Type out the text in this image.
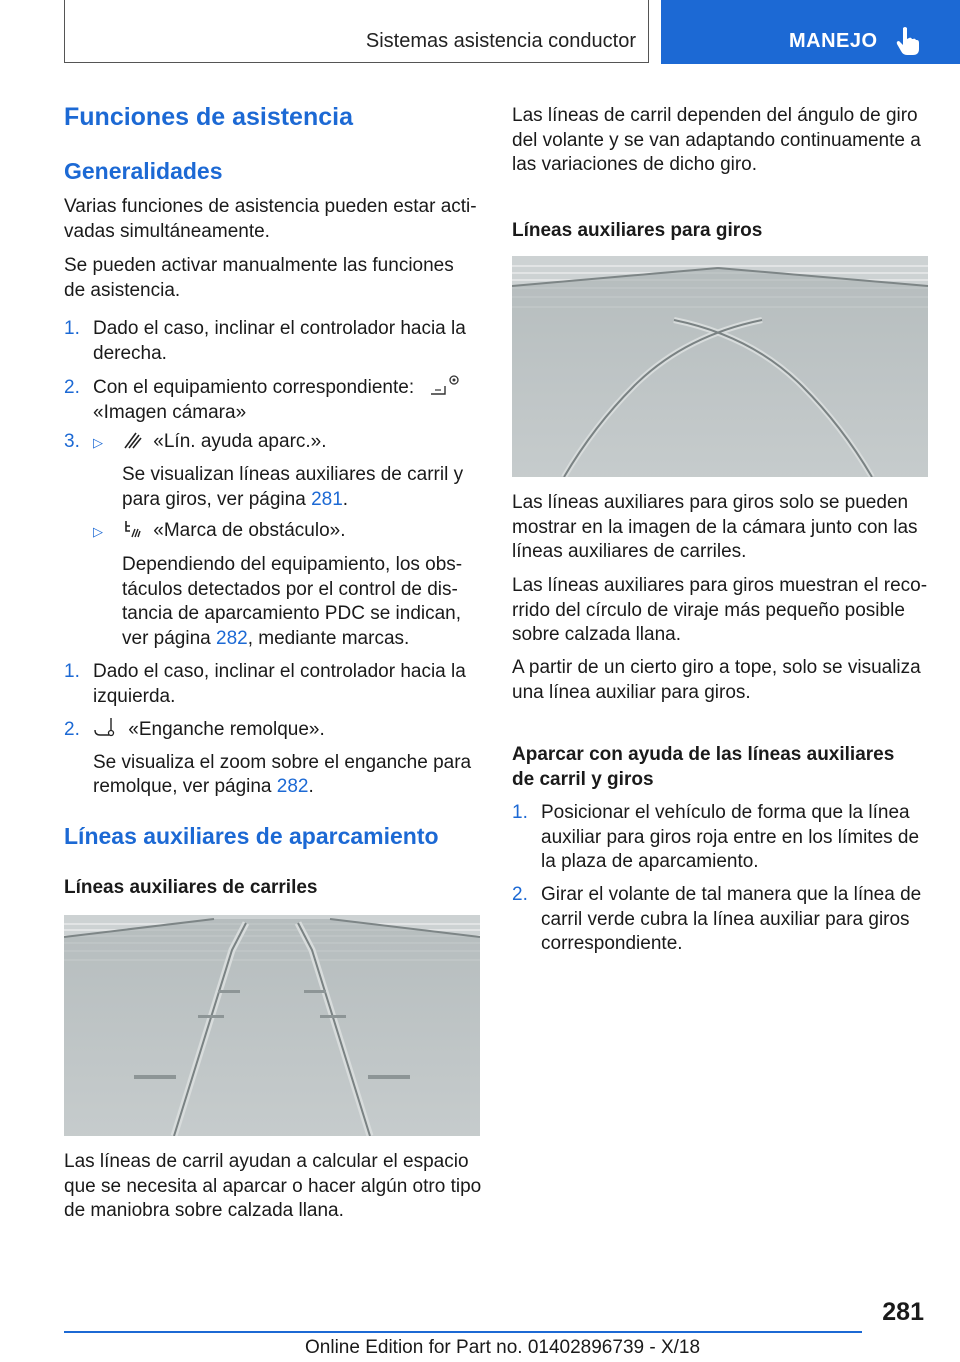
Sistemas asistencia conductor	MANEJO
Funciones de asistencia
Generalidades
Varias funciones de asistencia pueden estar acti‐
vadas simultáneamente.
Se pueden activar manualmente las funciones
de asistencia.
1. Dado el caso, inclinar el controlador hacia la
derecha.
2. Con el equipamiento correspondiente:
«Imagen cámara»
3. ▷	«Lín. ayuda aparc.».
Se visualizan líneas auxiliares de carril y
para giros, ver página 281.
▷	«Marca de obstáculo».
Dependiendo del equipamiento, los obs‐
táculos detectados por el control de dis‐
tancia de aparcamiento PDC se indican,
ver página 282, mediante marcas.
1. Dado el caso, inclinar el controlador hacia la
izquierda.
2.	«Enganche remolque».
Se visualiza el zoom sobre el enganche para
remolque, ver página 282.
Líneas auxiliares de aparcamiento
Líneas auxiliares de carriles
Las líneas de carril ayudan a calcular el espacio
que se necesita al aparcar o hacer algún otro tipo
de maniobra sobre calzada llana.
Las líneas de carril dependen del ángulo de giro
del volante y se van adaptando continuamente a
las variaciones de dicho giro.
Líneas auxiliares para giros
Las líneas auxiliares para giros solo se pueden
mostrar en la imagen de la cámara junto con las
líneas auxiliares de carriles.
Las líneas auxiliares para giros muestran el reco‐
rrido del círculo de viraje más pequeño posible
sobre calzada llana.
A partir de un cierto giro a tope, solo se visualiza
una línea auxiliar para giros.
Aparcar con ayuda de las líneas auxiliares
de carril y giros
1. Posicionar el vehículo de forma que la línea
auxiliar para giros roja entre en los límites de
la plaza de aparcamiento.
2. Girar el volante de tal manera que la línea de
carril verde cubra la línea auxiliar para giros
correspondiente.
281
Online Edition for Part no. 01402896739 - X/18
